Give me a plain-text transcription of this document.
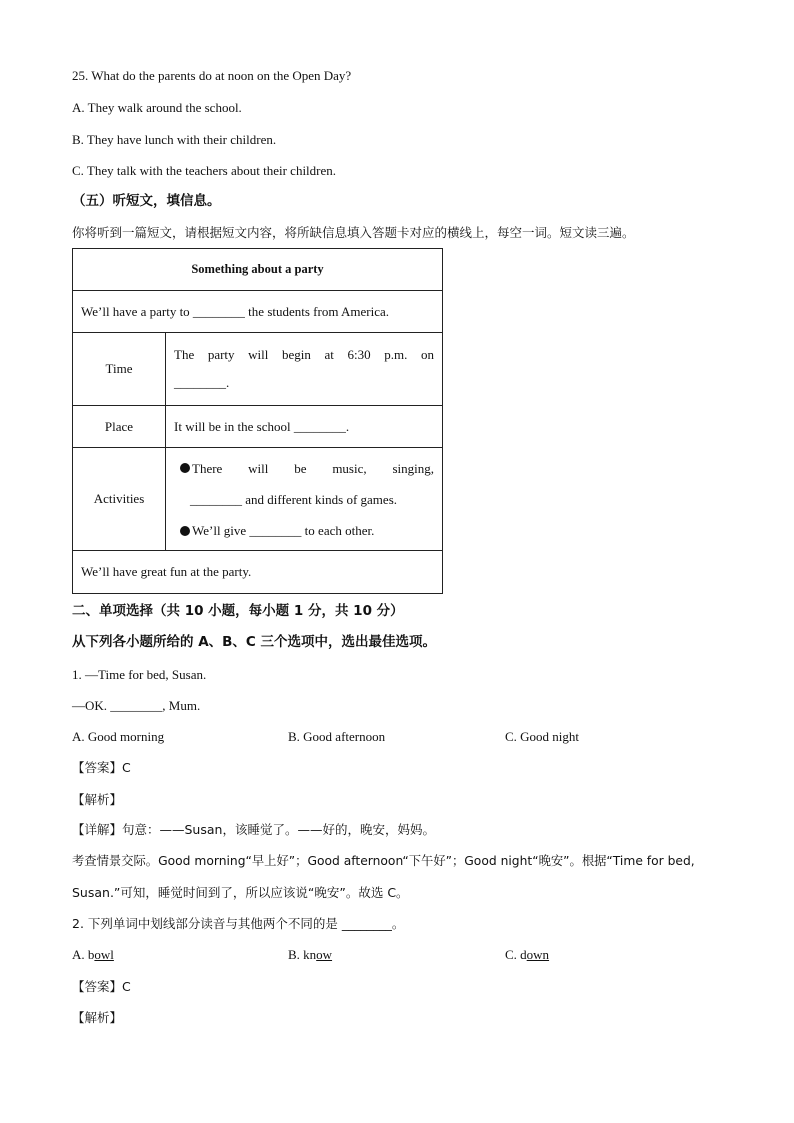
25. What do the parents do at noon on the Open Day?
A. They walk around the school.
B. They have lunch with their children.
C. They talk with the teachers about their children.
（五）听短文，填信息。
你将听到一篇短文，请根据短文内容，将所缺信息填入答题卡对应的横线上，每空一词。短文读三遍。
Something about a party	
We’ll have a party to ________ the students from America.	
Time	The party will begin at 6:30 p.m. on
________.

Place	It will be in the school ________.
Activities	There will be music, singing,
________ and different kinds of games.
We’ll give ________ to each other.

We’ll have great fun at the party.	
二、单项选择（共 10 小题，每小题 1 分，共 10 分）
从下列各小题所给的 A、B、C 三个选项中，选出最佳选项。
1. —Time for bed, Susan.
—OK. ________, Mum.
A. Good morning	B. Good afternoon	C. Good night
【答案】C
【解析】
【详解】句意：——Susan，该睡觉了。——好的，晚安，妈妈。
考查情景交际。Good morning“早上好”；Good afternoon“下午好”；Good night“晚安”。根据“Time for bed,
Susan.”可知，睡觉时间到了，所以应该说“晚安”。故选 C。
2. 下列单词中划线部分读音与其他两个不同的是 ________。
A. bowl	B. know	C. down
【答案】C
【解析】
